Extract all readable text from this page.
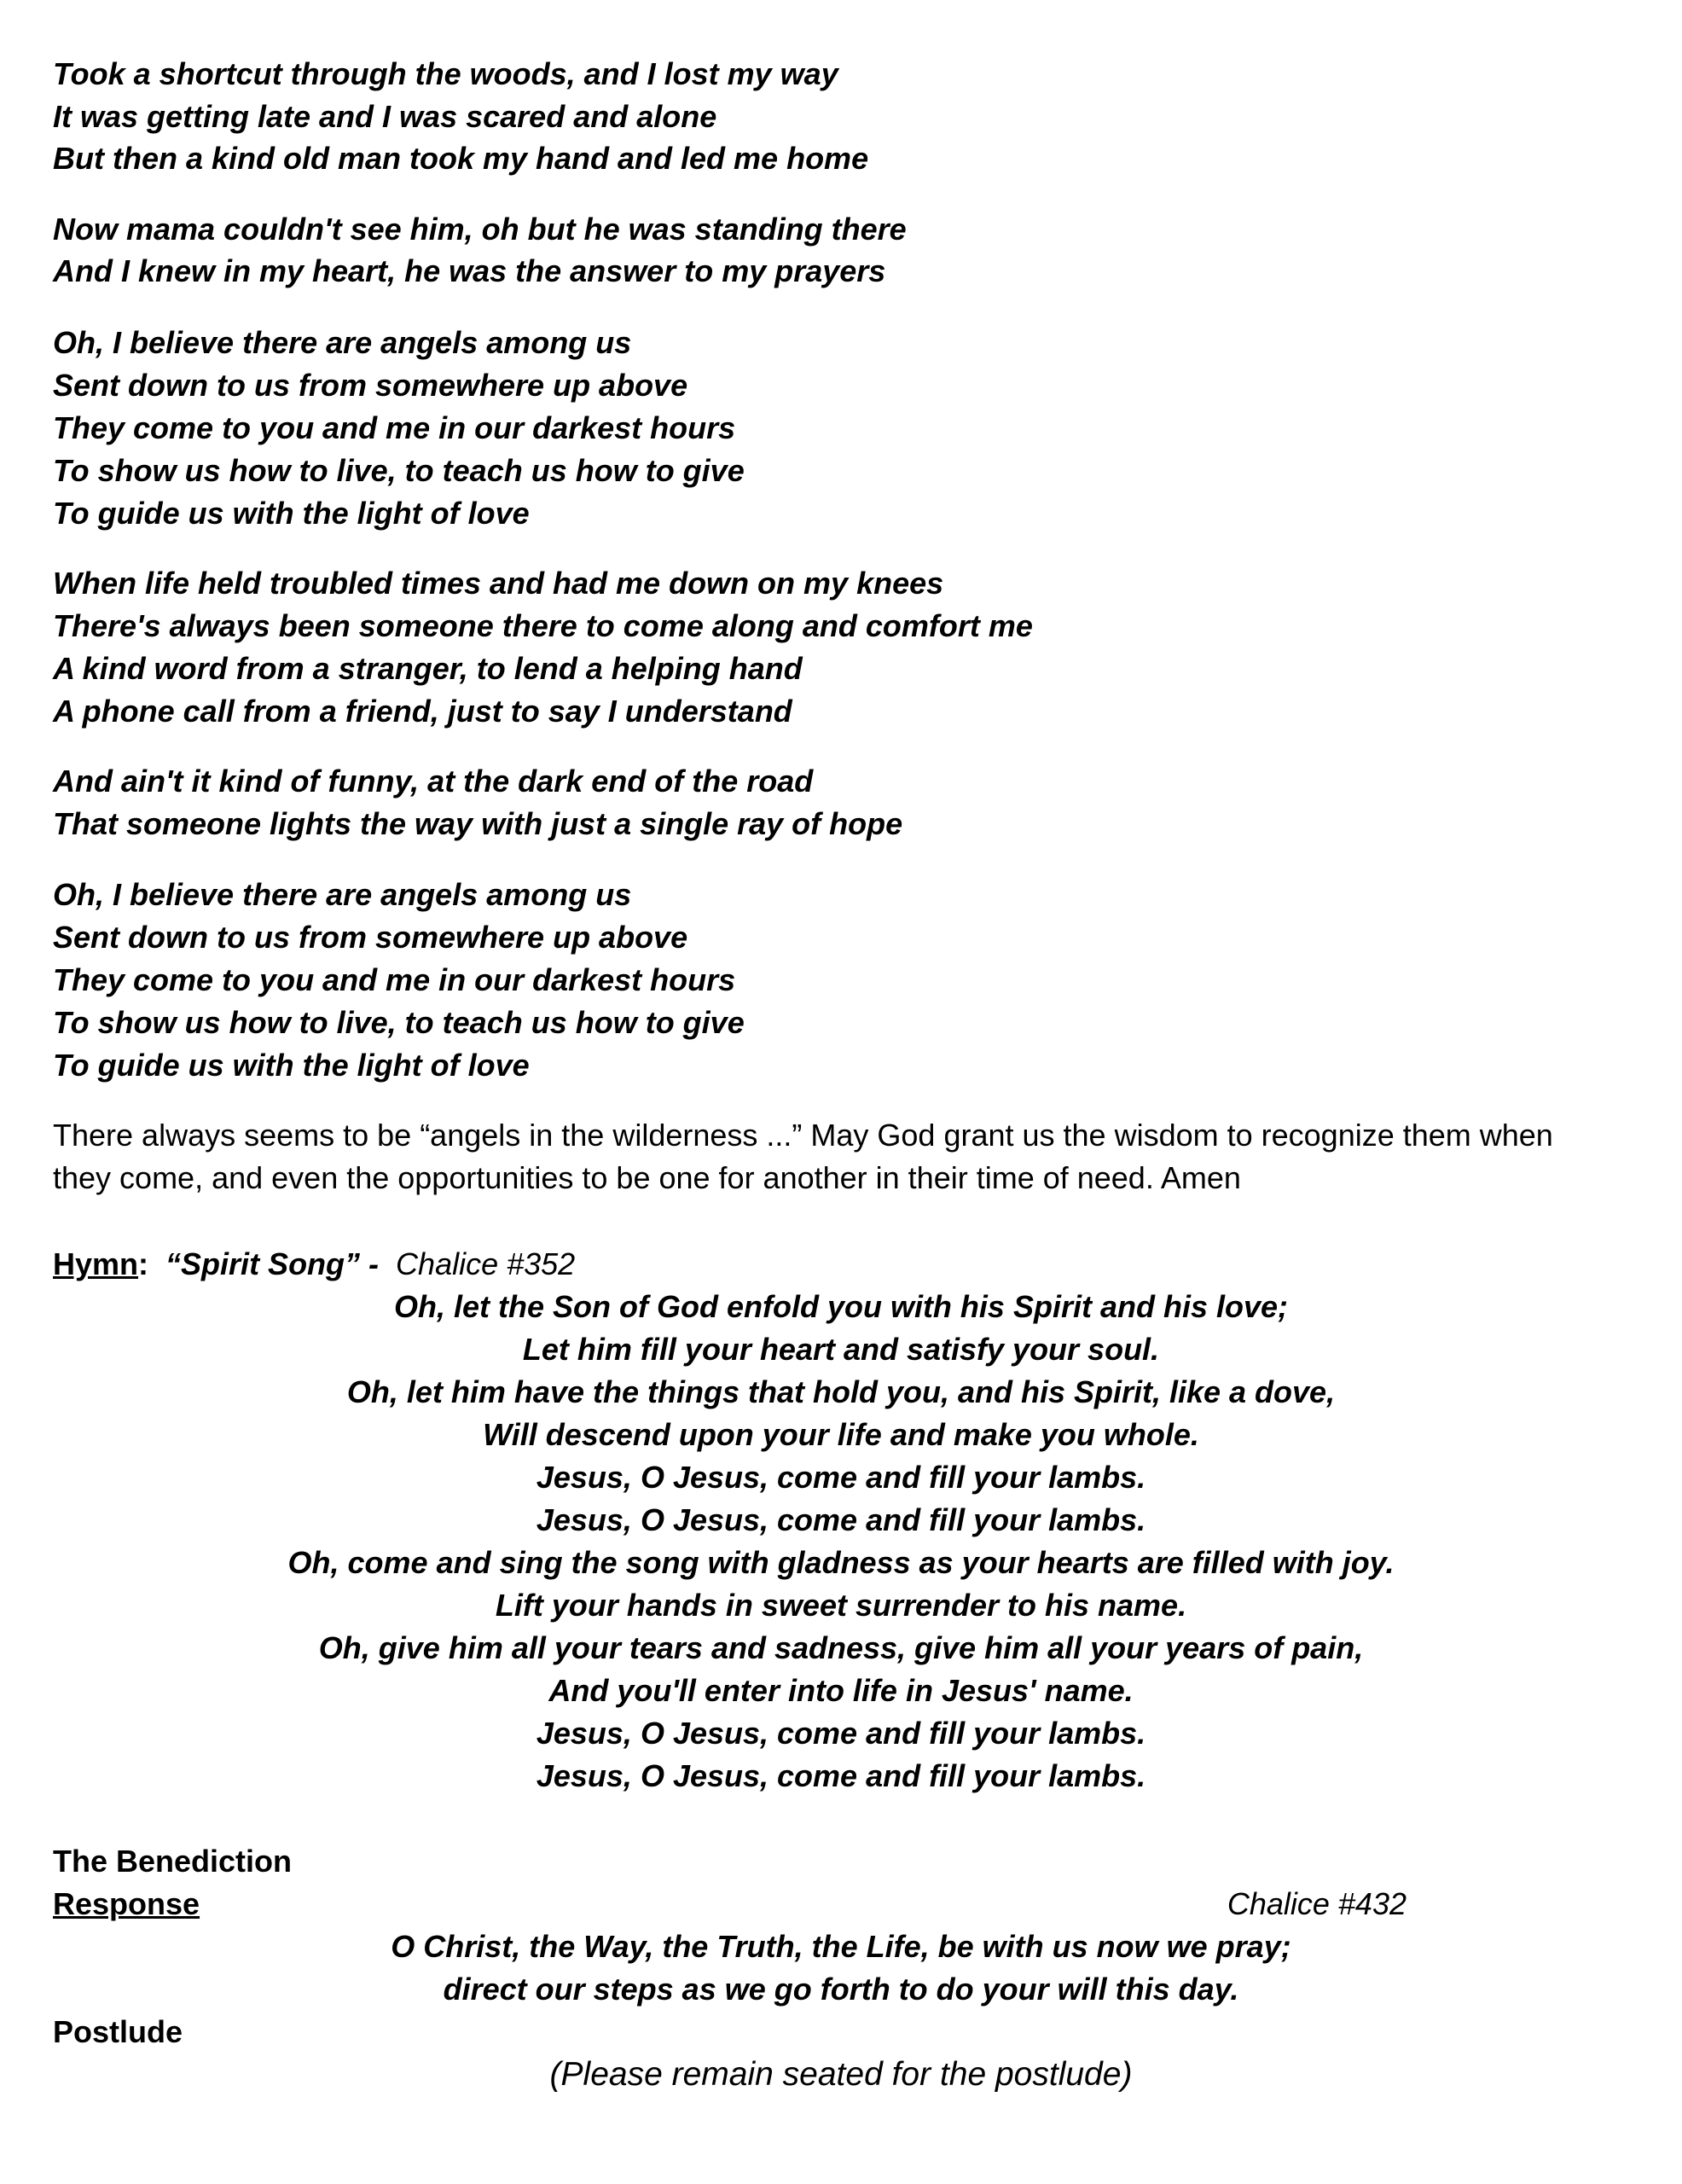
Took a shortcut through the woods, and I lost my way
It was getting late and I was scared and alone
But then a kind old man took my hand and led me home
Now mama couldn't see him, oh but he was standing there
And I knew in my heart, he was the answer to my prayers
Oh, I believe there are angels among us
Sent down to us from somewhere up above
They come to you and me in our darkest hours
To show us how to live, to teach us how to give
To guide us with the light of love
When life held troubled times and had me down on my knees
There's always been someone there to come along and comfort me
A kind word from a stranger, to lend a helping hand
A phone call from a friend, just to say I understand
And ain't it kind of funny, at the dark end of the road
That someone lights the way with just a single ray of hope
Oh, I believe there are angels among us
Sent down to us from somewhere up above
They come to you and me in our darkest hours
To show us how to live, to teach us how to give
To guide us with the light of love
There always seems to be “angels in the wilderness ...” May God grant us the wisdom to recognize them when
they come, and even the opportunities to be one for another in their time of need. Amen
Hymn: “Spirit Song” - Chalice #352
Oh, let the Son of God enfold you with his Spirit and his love;
Let him fill your heart and satisfy your soul.
Oh, let him have the things that hold you, and his Spirit, like a dove,
Will descend upon your life and make you whole.
Jesus, O Jesus, come and fill your lambs.
Jesus, O Jesus, come and fill your lambs.
Oh, come and sing the song with gladness as your hearts are filled with joy.
Lift your hands in sweet surrender to his name.
Oh, give him all your tears and sadness, give him all your years of pain,
And you'll enter into life in Jesus' name.
Jesus, O Jesus, come and fill your lambs.
Jesus, O Jesus, come and fill your lambs.
The Benediction
Response	Chalice #432
O Christ, the Way, the Truth, the Life, be with us now we pray;
direct our steps as we go forth to do your will this day.
Postlude
(Please remain seated for the postlude)
